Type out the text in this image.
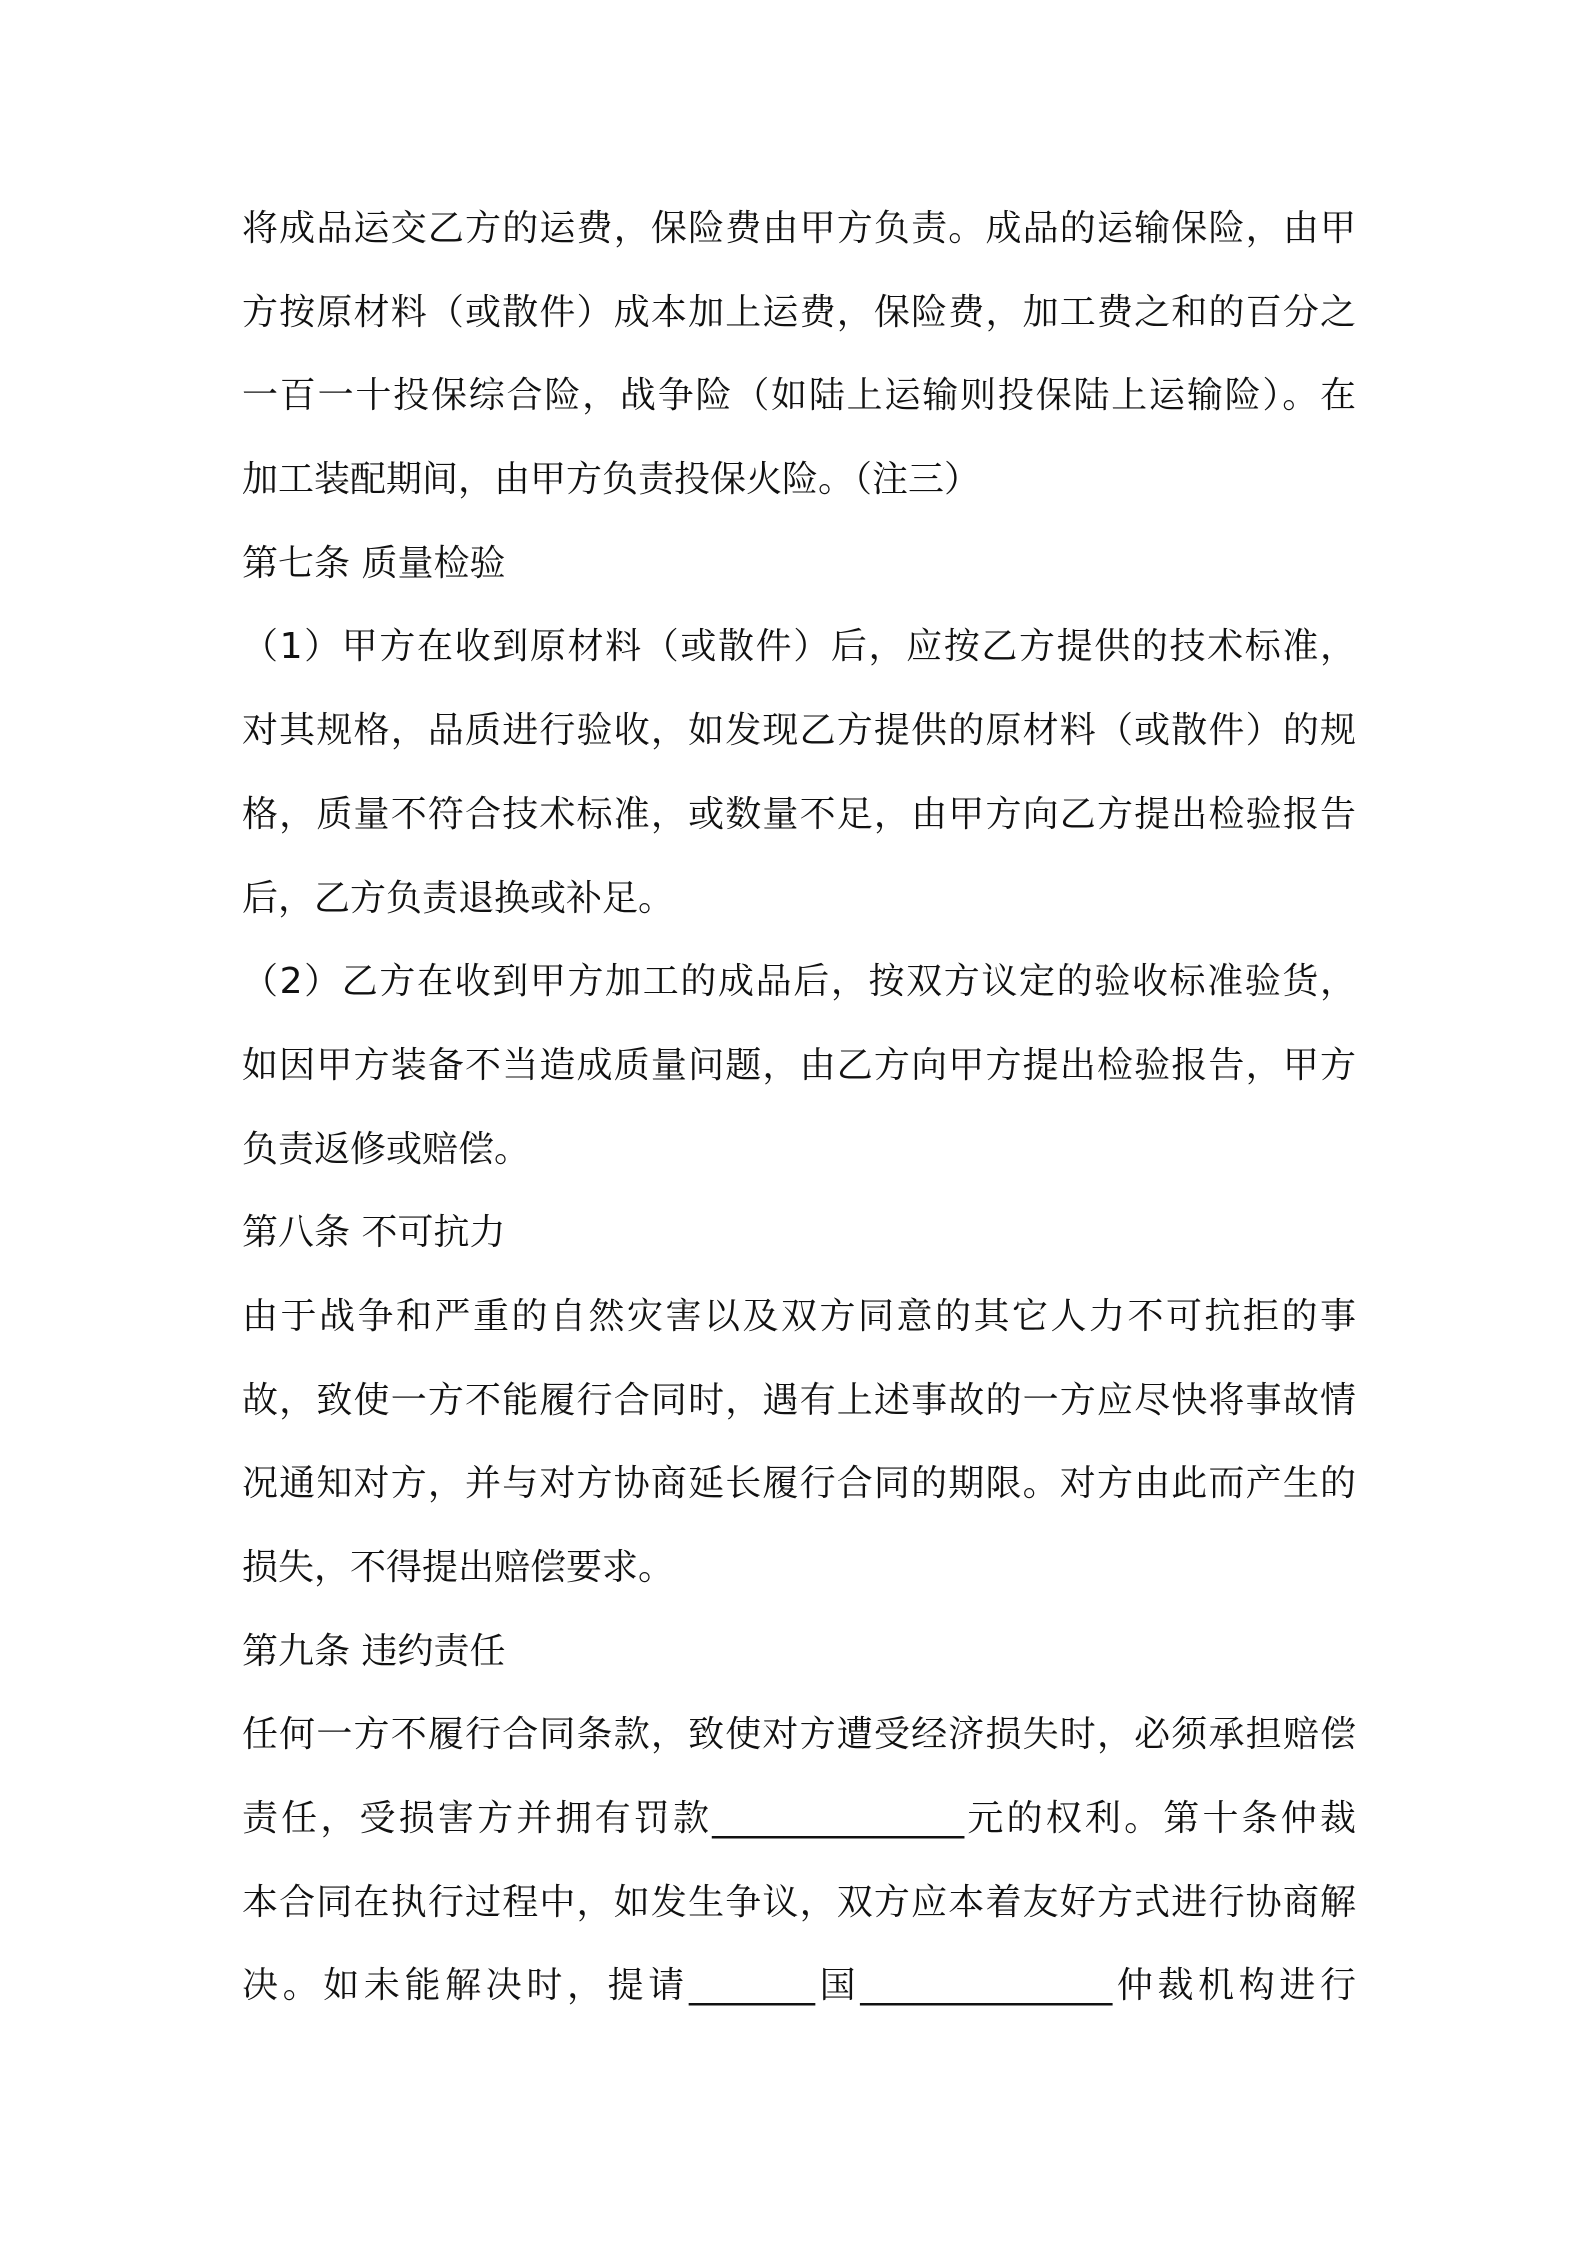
将成品运交乙方的运费，保险费由甲方负责。成品的运输保险，由甲
方按原材料（或散件）成本加上运费，保险费，加工费之和的百分之
一百一十投保综合险，战争险（如陆上运输则投保陆上运输险）。在
加工装配期间，由甲方负责投保火险。（注三）
第七条 质量检验
（1）甲方在收到原材料（或散件）后，应按乙方提供的技术标准，
对其规格，品质进行验收，如发现乙方提供的原材料（或散件）的规
格，质量不符合技术标准，或数量不足，由甲方向乙方提出检验报告
后，乙方负责退换或补足。
（2）乙方在收到甲方加工的成品后，按双方议定的验收标准验货，
如因甲方装备不当造成质量问题，由乙方向甲方提出检验报告，甲方
负责返修或赔偿。
第八条 不可抗力
由于战争和严重的自然灾害以及双方同意的其它人力不可抗拒的事
故，致使一方不能履行合同时，遇有上述事故的一方应尽快将事故情
况通知对方，并与对方协商延长履行合同的期限。对方由此而产生的
损失，不得提出赔偿要求。
第九条 违约责任
任何一方不履行合同条款，致使对方遭受经济损失时，必须承担赔偿
责任，受损害方并拥有罚款______________元的权利。第十条仲裁
本合同在执行过程中，如发生争议，双方应本着友好方式进行协商解
决。如未能解决时，提请_______国______________仲裁机构进行
